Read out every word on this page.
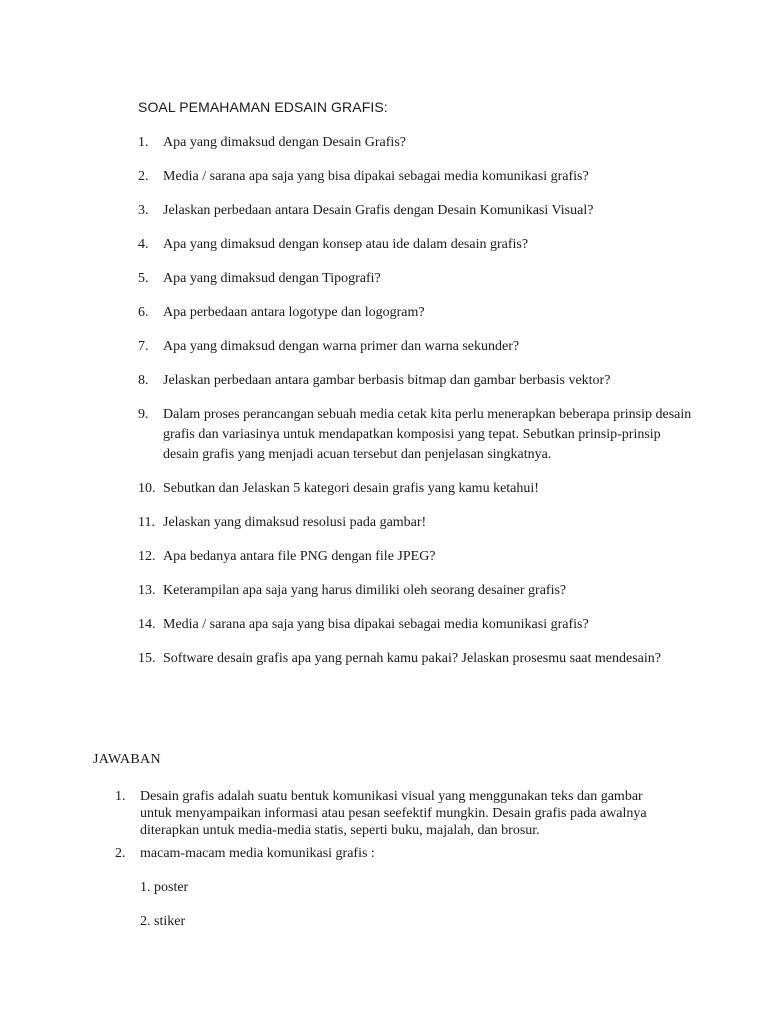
SOAL PEMAHAMAN EDSAIN GRAFIS:
1. Apa yang dimaksud dengan Desain Grafis?
2. Media / sarana apa saja yang bisa dipakai sebagai media komunikasi grafis?
3. Jelaskan perbedaan antara Desain Grafis dengan Desain Komunikasi Visual?
4. Apa yang dimaksud dengan konsep atau ide dalam desain grafis?
5. Apa yang dimaksud dengan Tipografi?
6. Apa perbedaan antara logotype dan logogram?
7. Apa yang dimaksud dengan warna primer dan warna sekunder?
8. Jelaskan perbedaan antara gambar berbasis bitmap dan gambar berbasis vektor?
9. Dalam proses perancangan sebuah media cetak kita perlu menerapkan beberapa prinsip desain grafis dan variasinya untuk mendapatkan komposisi yang tepat. Sebutkan prinsip-prinsip desain grafis yang menjadi acuan tersebut dan penjelasan singkatnya.
10. Sebutkan dan Jelaskan 5 kategori desain grafis yang kamu ketahui!
11. Jelaskan yang dimaksud resolusi pada gambar!
12. Apa bedanya antara file PNG dengan file JPEG?
13. Keterampilan apa saja yang harus dimiliki oleh seorang desainer grafis?
14. Media / sarana apa saja yang bisa dipakai sebagai media komunikasi grafis?
15. Software desain grafis apa yang pernah kamu pakai? Jelaskan prosesmu saat mendesain?
JAWABAN
1. Desain grafis adalah suatu bentuk komunikasi visual yang menggunakan teks dan gambar untuk menyampaikan informasi atau pesan seefektif mungkin. Desain grafis pada awalnya diterapkan untuk media-media statis, seperti buku, majalah, dan brosur.
2. macam-macam media komunikasi grafis :
1. poster
2. stiker
